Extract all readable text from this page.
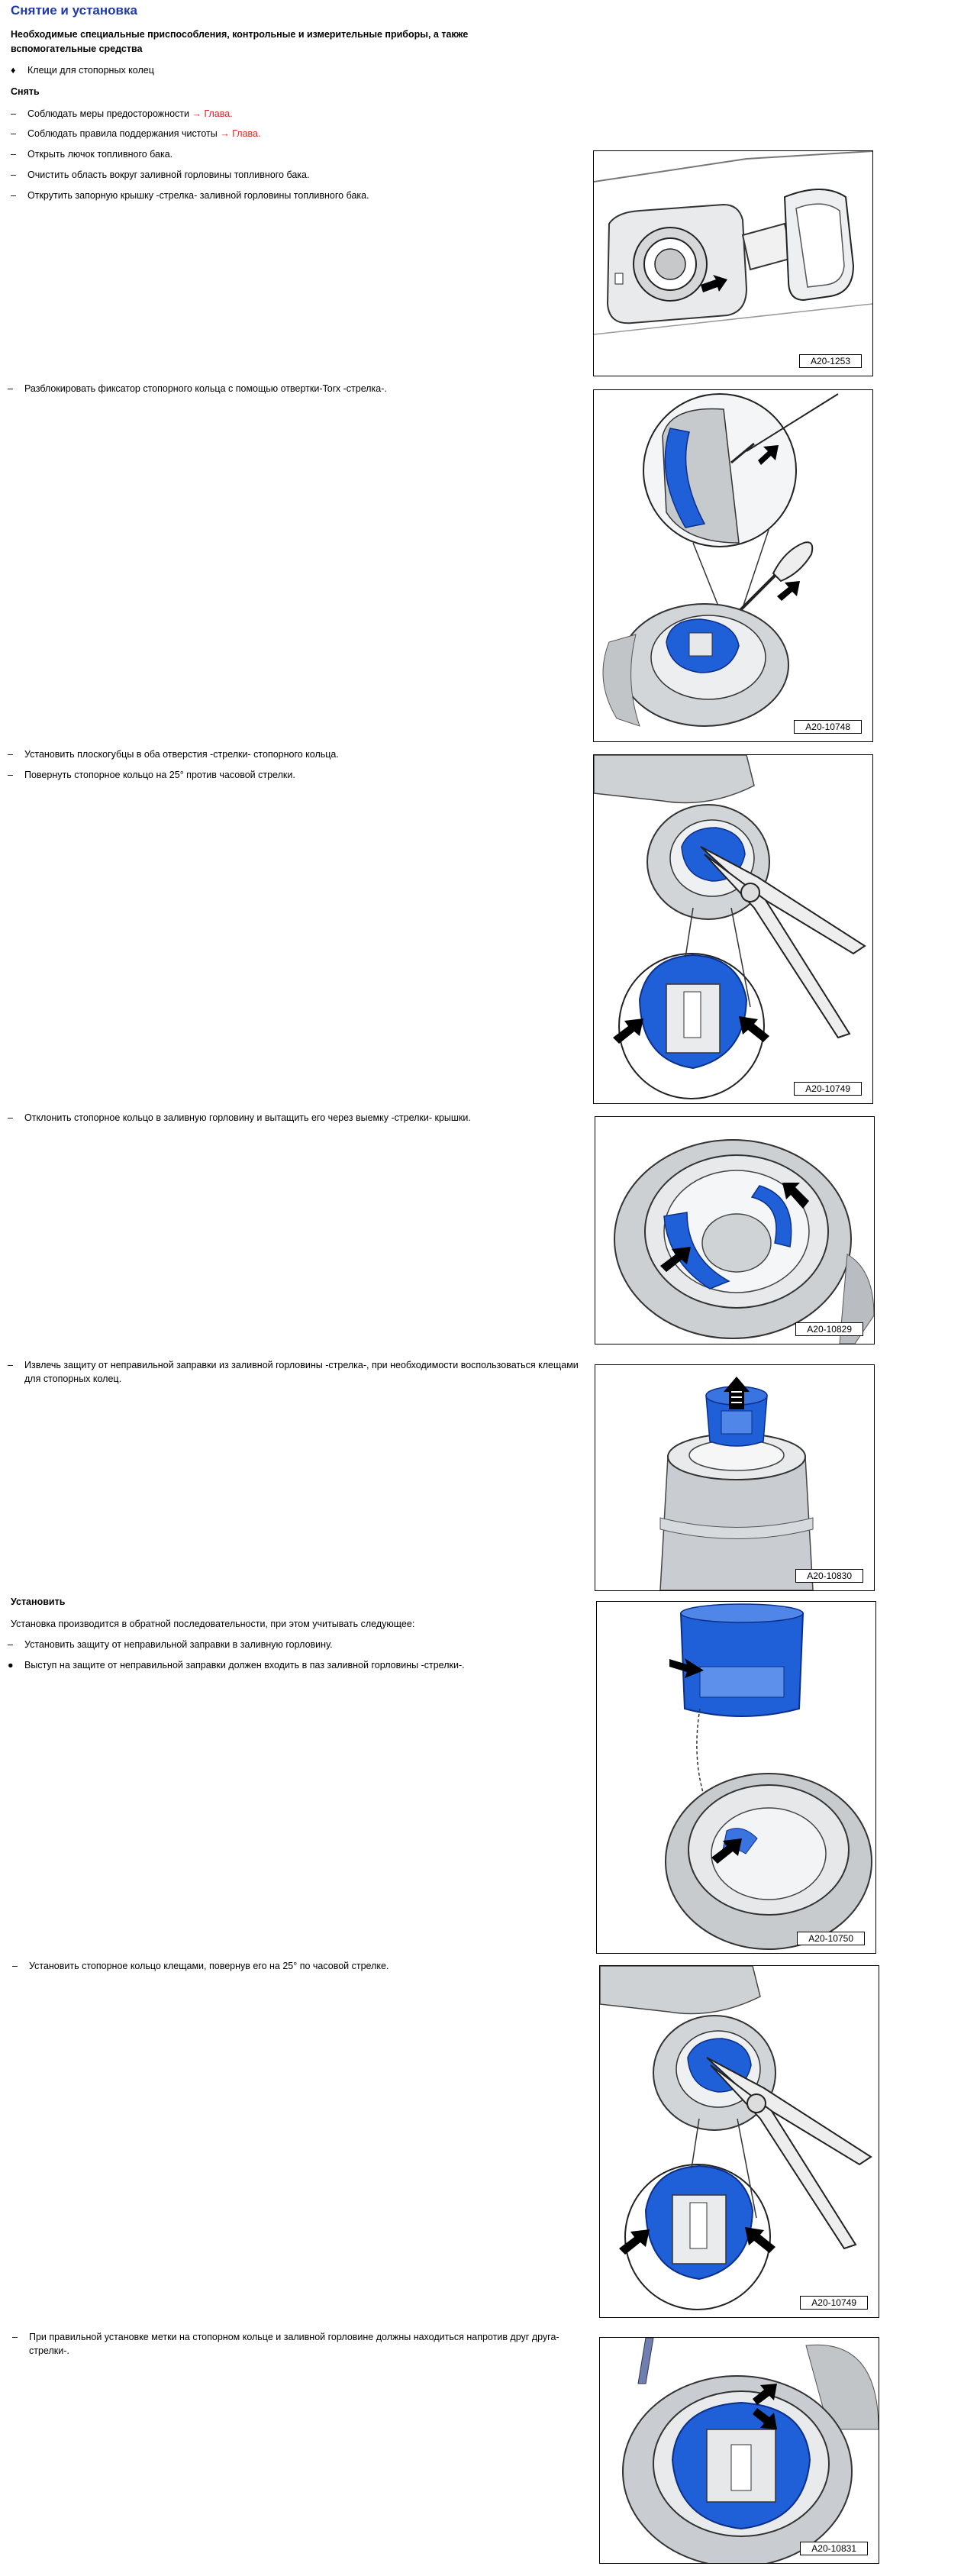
Снятие и установка
Необходимые специальные приспособления, контрольные и измерительные приборы, а также вспомогательные средства
♦ Клещи для стопорных колец
Снять
– Соблюдать меры предосторожности → Глава.
– Соблюдать правила поддержания чистоты → Глава.
– Открыть лючок топливного бака.
– Очистить область вокруг заливной горловины топливного бака.
– Открутить запорную крышку -стрелка- заливной горловины топливного бака.
– Разблокировать фиксатор стопорного кольца с помощью отвертки-Torx -стрелка-.
– Установить плоскогубцы в оба отверстия -стрелки- стопорного кольца.
– Повернуть стопорное кольцо на 25° против часовой стрелки.
– Отклонить стопорное кольцо в заливную горловину и вытащить его через выемку -стрелки- крышки.
– Извлечь защиту от неправильной заправки из заливной горловины -стрелка-, при необходимости воспользоваться клещами для стопорных колец.
Установить
Установка производится в обратной последовательности, при этом учитывать следующее:
– Установить защиту от неправильной заправки в заливную горловину.
● Выступ на защите от неправильной заправки должен входить в паз заливной горловины -стрелки-.
– Установить стопорное кольцо клещами, повернув его на 25° по часовой стрелке.
– При правильной установке метки на стопорном кольце и заливной горловине должны находиться напротив друг друга-стрелки-.
A20-1253
A20-10748
A20-10749
A20-10829
A20-10830
A20-10750
A20-10749
A20-10831
